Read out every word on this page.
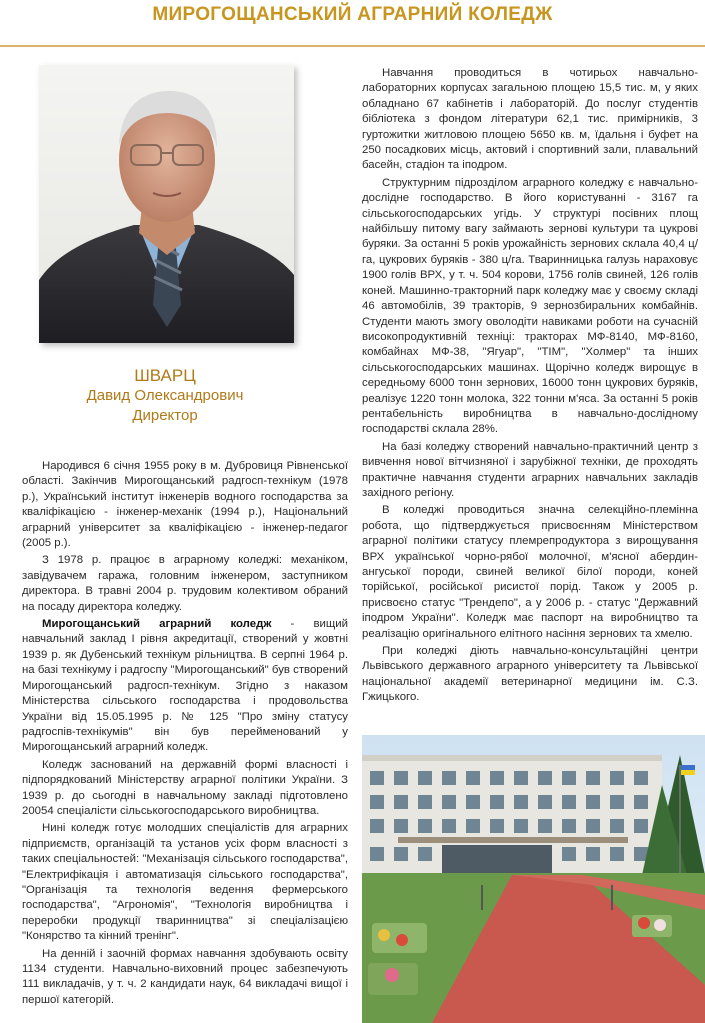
МИРОГОЩАНСЬКИЙ АГРАРНИЙ КОЛЕДЖ
ШВАРЦ
Давид Олександрович
Директор

Народився 6 січня 1955 року в м. Дубровиця Рівненської області. Закінчив Мирогощанський радгосп-технікум (1978 р.), Український інститут інженерів водного господарства за кваліфікацією - інженер-механік (1994 р.), Національний аграрний університет за кваліфікацією - інженер-педагог (2005 р.).

З 1978 р. працює в аграрному коледжі: механіком, завідувачем гаража, головним інженером, заступником директора. В травні 2004 р. трудовим колективом обраний на посаду директора коледжу.

Мирогощанський аграрний коледж - вищий навчальний заклад І рівня акредитації, створений у жовтні 1939 р. як Дубенський технікум рільництва. В серпні 1964 р. на базі технікуму і радгоспу "Мирогощанський" був створений Мирогощанський радгосп-технікум. Згідно з наказом Міністерства сільського господарства і продовольства України від 15.05.1995 р. № 125 "Про зміну статусу радгоспів-технікумів" він був перейменований у Мирогощанський аграрний коледж.

Коледж заснований на державній формі власності і підпорядкований Міністерству аграрної політики України. З 1939 р. до сьогодні в навчальному закладі підготовлено 20054 спеціалісти сільськогосподарського виробництва.

Нині коледж готує молодших спеціалістів для аграрних підприємств, організацій та установ усіх форм власності з таких спеціальностей: "Механізація сільського господарства", "Електрифікація і автоматизація сільського господарства", "Організація та технологія ведення фермерського господарства", "Агрономія", "Технологія виробництва і переробки продукції тваринництва" зі спеціалізацією "Конярство та кінний тренінг".

На денній і заочній формах навчання здобувають освіту 1134 студенти. Навчально-виховний процес забезпечують 111 викладачів, у т. ч. 2 кандидати наук, 64 викладачі вищої і першої категорій.

Навчання проводиться в чотирьох навчально-лабораторних корпусах загальною площею 15,5 тис. м, у яких обладнано 67 кабінетів і лабораторій. До послуг студентів бібліотека з фондом літератури 62,1 тис. примірників, 3 гуртожитки житловою площею 5650 кв. м, їдальня і буфет на 250 посадкових місць, актовий і спортивний зали, плавальний басейн, стадіон та іподром.

Структурним підрозділом аграрного коледжу є навчально-дослідне господарство. В його користуванні - 3167 га сільськогосподарських угідь. У структурі посівних площ найбільшу питому вагу займають зернові культури та цукрові буряки. За останні 5 років урожайність зернових склала 40,4 ц/га, цукрових буряків - 380 ц/га. Тваринницька галузь нараховує 1900 голів ВРХ, у т. ч. 504 корови, 1756 голів свиней, 126 голів коней. Машинно-тракторний парк коледжу має у своєму складі 46 автомобілів, 39 тракторів, 9 зернозбиральних комбайнів. Студенти мають змогу оволодіти навиками роботи на сучасній високопродуктивній техніці: тракторах МФ-8140, МФ-8160, комбайнах МФ-38, "Ягуар", "ТІМ", "Холмер" та інших сільськогосподарських машинах. Щорічно коледж вирощує в середньому 6000 тонн зернових, 16000 тонн цукрових буряків, реалізує 1220 тонн молока, 322 тонни м'яса. За останні 5 років рентабельність виробництва в навчально-дослідному господарстві склала 28%.

На базі коледжу створений навчально-практичний центр з вивчення нової вітчизняної і зарубіжної техніки, де проходять практичне навчання студенти аграрних навчальних закладів західного регіону.

В коледжі проводиться значна селекційно-племінна робота, що підтверджується присвоєнням Міністерством аграрної політики статусу племрепродуктора з вирощування ВРХ української чорно-рябої молочної, м'ясної абердин-ангуської породи, свиней великої білої породи, коней торійської, російської рисистої порід. Також у 2005 р. присвоєно статус "Трендепо", а у 2006 р. - статус "Державний іподром України". Коледж має паспорт на виробництво та реалізацію оригінального елітного насіння зернових та хмелю.

При коледжі діють навчально-консультаційні центри Львівського державного аграрного університету та Львівської національної академії ветеринарної медицини ім. С.З. Гжицького.
